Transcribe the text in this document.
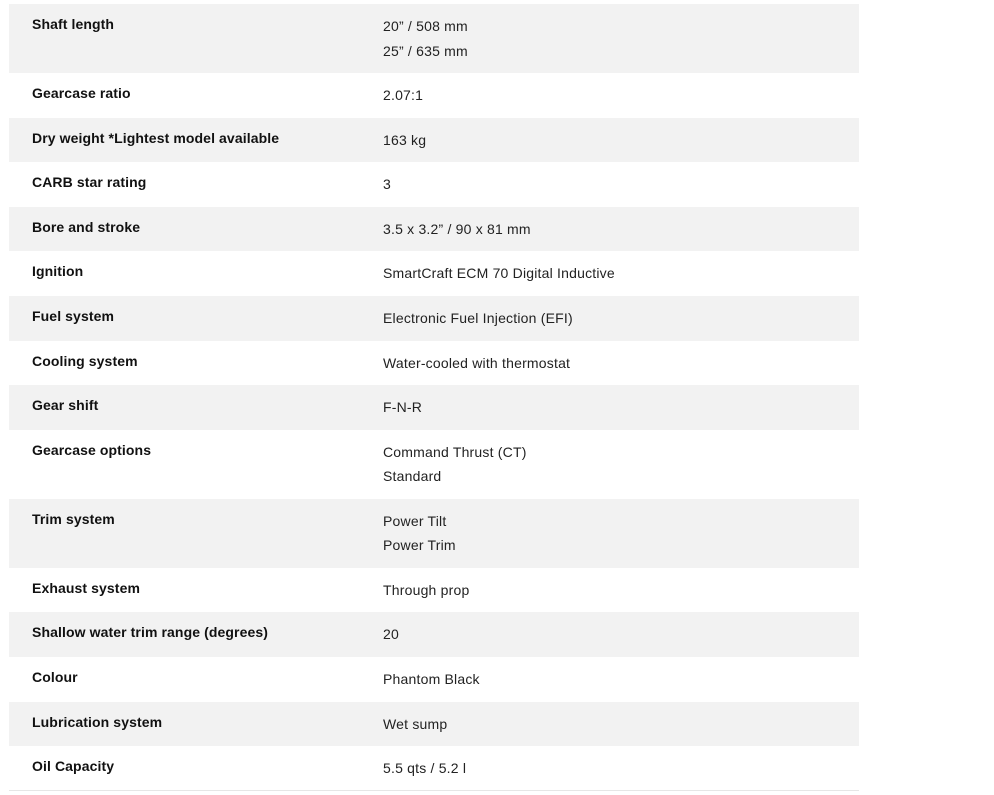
Shaft length	20” / 508 mm
25” / 635 mm
Gearcase ratio	2.07:1
Dry weight *Lightest model available	163 kg
CARB star rating	3
Bore and stroke	3.5 x 3.2” / 90 x 81 mm
Ignition	SmartCraft ECM 70 Digital Inductive
Fuel system	Electronic Fuel Injection (EFI)
Cooling system	Water-cooled with thermostat
Gear shift	F-N-R
Gearcase options	Command Thrust (CT)
Standard
Trim system	Power Tilt
Power Trim
Exhaust system	Through prop
Shallow water trim range (degrees)	20
Colour	Phantom Black
Lubrication system	Wet sump
Oil Capacity	5.5 qts / 5.2 l
